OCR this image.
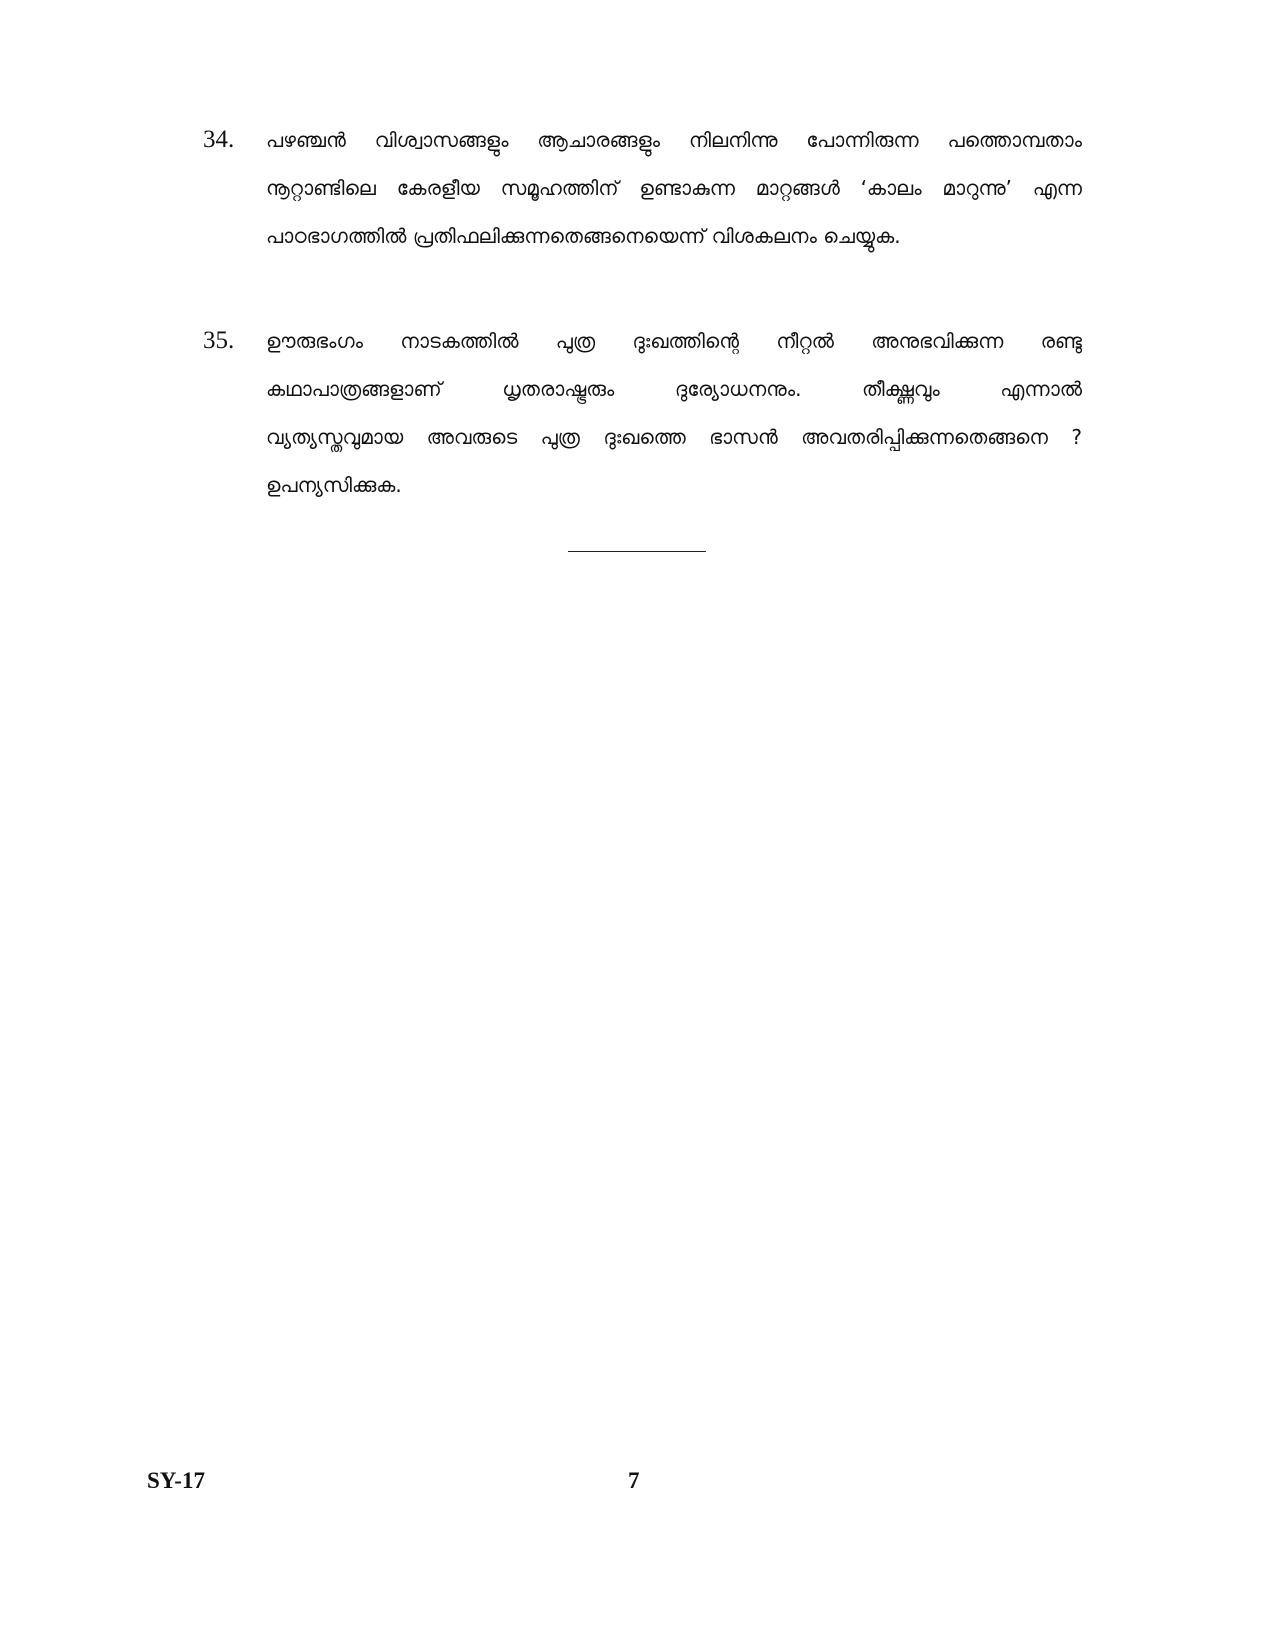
34. പഴഞ്ചൻ വിശ്വാസങ്ങളും ആചാരങ്ങളും നിലനിന്നു പോന്നിരുന്ന പത്തൊമ്പതാം
നൂറ്റാണ്ടിലെ കേരളീയ സമൂഹത്തിന് ഉണ്ടാകുന്ന മാറ്റങ്ങൾ ‘കാലം മാറുന്നു’ എന്ന
പാഠഭാഗത്തിൽ പ്രതിഫലിക്കുന്നതെങ്ങനെയെന്ന് വിശകലനം ചെയ്യുക.
35. ഊരുഭംഗം നാടകത്തിൽ പുത്ര ദുഃഖത്തിന്റെ നീറ്റൽ അനുഭവിക്കുന്ന രണ്ടു
കഥാപാത്രങ്ങളാണ് ധൃതരാഷ്ട്രരും ദുര്യോധനനും. തീക്ഷ്ണവും എന്നാൽ
വ്യത്യസ്തവുമായ അവരുടെ പുത്ര ദുഃഖത്തെ ഭാസൻ അവതരിപ്പിക്കുന്നതെങ്ങനെ ?
ഉപന്യസിക്കുക.
SY-17	7
